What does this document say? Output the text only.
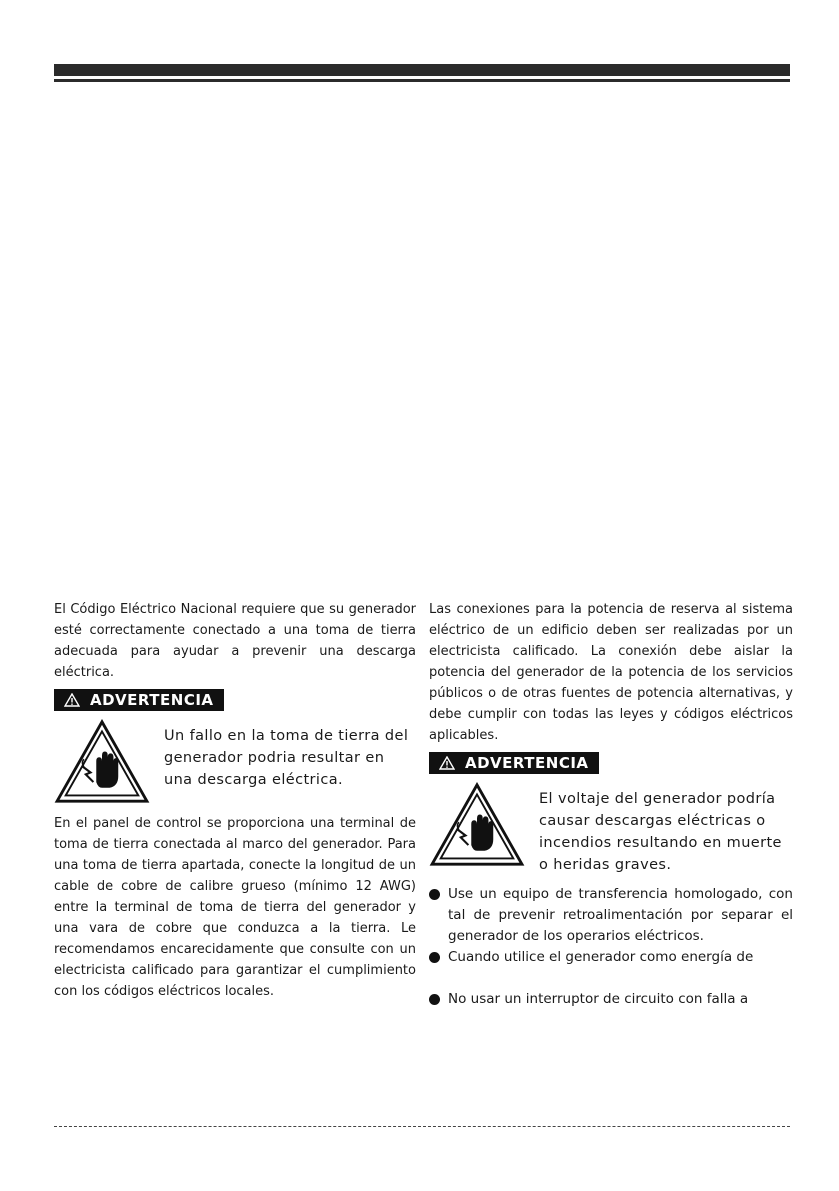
El Código Eléctrico Nacional requiere que su generador esté correctamente conectado a una toma de tierra adecuada para ayudar a prevenir una descarga eléctrica.

ADVERTENCIA
Un fallo en la toma de tierra del generador podria resultar en una descarga eléctrica.

En el panel de control se proporciona una terminal de toma de tierra conectada al marco del generador. Para una toma de tierra apartada, conecte la longitud de un cable de cobre de calibre grueso (mínimo 12 AWG) entre la terminal de toma de tierra del generador y una vara de cobre que conduzca a la tierra. Le recomendamos encarecidamente que consulte con un electricista calificado para garantizar el cumplimiento con los códigos eléctricos locales.

Las conexiones para la potencia de reserva al sistema eléctrico de un edificio deben ser realizadas por un electricista calificado. La conexión debe aislar la potencia del generador de la potencia de los servicios públicos o de otras fuentes de potencia alternativas, y debe cumplir con todas las leyes y códigos eléctricos aplicables.

ADVERTENCIA
El voltaje del generador podría causar descargas eléctricas o incendios resultando en muerte o heridas graves.
Use un equipo de transferencia homologado, con tal de prevenir retroalimentación por separar el generador de los operarios eléctricos.
Cuando utilice el generador como energía de
No usar un interruptor de circuito con falla a
